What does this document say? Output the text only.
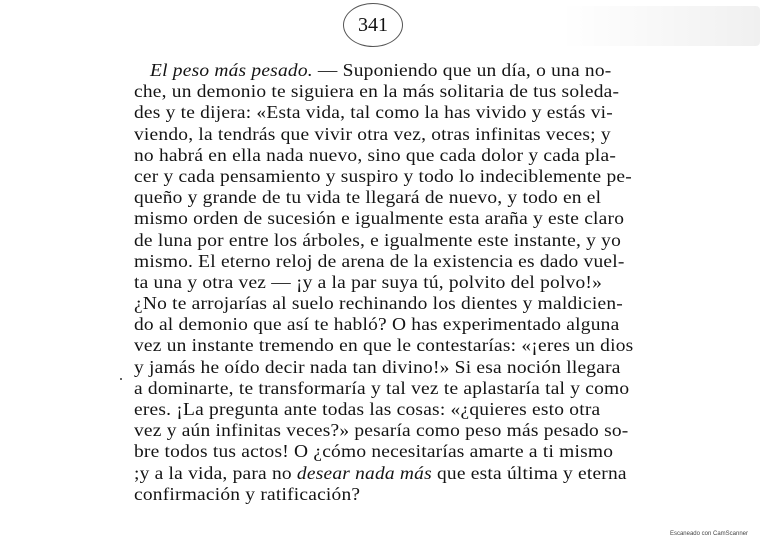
341
El peso más pesado. — Suponiendo que un día, o una no-
che, un demonio te siguiera en la más solitaria de tus soleda-
des y te dijera: «Esta vida, tal como la has vivido y estás vi-
viendo, la tendrás que vivir otra vez, otras infinitas veces; y
no habrá en ella nada nuevo, sino que cada dolor y cada pla-
cer y cada pensamiento y suspiro y todo lo indeciblemente pe-
queño y grande de tu vida te llegará de nuevo, y todo en el
mismo orden de sucesión e igualmente esta araña y este claro
de luna por entre los árboles, e igualmente este instante, y yo
mismo. El eterno reloj de arena de la existencia es dado vuel-
ta una y otra vez — ¡y a la par suya tú, polvito del polvo!»
¿No te arrojarías al suelo rechinando los dientes y maldicien-
do al demonio que así te habló? O has experimentado alguna
vez un instante tremendo en que le contestarías: «¡eres un dios
y jamás he oído decir nada tan divino!» Si esa noción llegara
a dominarte, te transformaría y tal vez te aplastaría tal y como
eres. ¡La pregunta ante todas las cosas: «¿quieres esto otra
vez y aún infinitas veces?» pesaría como peso más pesado so-
bre todos tus actos! O ¿cómo necesitarías amarte a ti mismo
;y a la vida, para no desear nada más que esta última y eterna
confirmación y ratificación?
Escaneado con CamScanner
